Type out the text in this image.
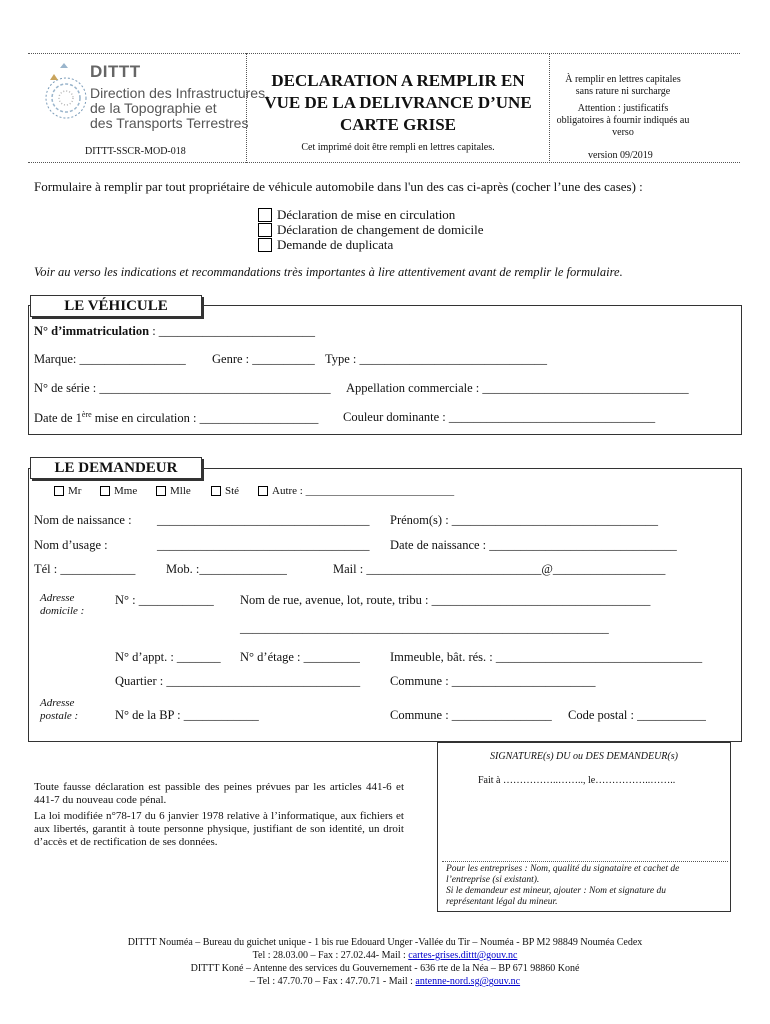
DITTT
Direction des Infrastructures,
de la Topographie et
des Transports Terrestres
DITTT-SSCR-MOD-018
DECLARATION A REMPLIR EN
VUE DE LA DELIVRANCE D’UNE
CARTE GRISE
Cet imprimé doit être rempli en lettres capitales.
À remplir en lettres capitales
sans rature ni surcharge
Attention : justificatifs
obligatoires à fournir indiqués au
verso
version 09/2019
Formulaire à remplir par tout propriétaire de véhicule automobile dans l'un des cas ci-après (cocher l’une des cases) :
Déclaration de mise en circulation
Déclaration de changement de domicile
Demande de duplicata
Voir au verso les indications et recommandations très importantes à lire attentivement avant de remplir le formulaire.
LE VÉHICULE
N° d’immatriculation : _________________________
Marque: _________________ Genre : __________ Type : ______________________________
N° de série : _____________________________________ Appellation commerciale : _________________________________
Date de 1ère mise en circulation : ___________________ Couleur dominante : _________________________________
LE DEMANDEUR
Mr	Mme	Mlle	Sté	Autre : ___________________________
Nom de naissance : __________________________________ Prénom(s) : _________________________________
Nom d’usage :	__________________________________ Date de naissance : ______________________________
Tél : ____________ Mob. :______________	Mail : ____________________________@__________________
Adresse
domicile :
N° : ____________ Nom de rue, avenue, lot, route, tribu : ___________________________________
___________________________________________________________
N° d’appt. : _______ N° d’étage : _________ Immeuble, bât. rés. : _________________________________
Quartier : _______________________________ Commune : _______________________
Adresse
postale :	N° de la BP : ____________	Commune : ________________ Code postal : ___________
SIGNATURE(s) DU ou DES DEMANDEUR(s)
Fait à ……………..…….., le……………..……..
Pour les entreprises : Nom, qualité du signataire et cachet de
l’entreprise (si existant).
Si le demandeur est mineur, ajouter : Nom et signature du
représentant légal du mineur.
Toute fausse déclaration est passible des peines prévues par les articles 441-6 et 441-7 du nouveau code pénal.
La loi modifiée n°78-17 du 6 janvier 1978 relative à l’informatique, aux fichiers et aux libertés, garantit à toute personne physique, justifiant de son identité, un droit d’accès et de rectification de ses données.
DITTT Nouméa – Bureau du guichet unique - 1 bis rue Edouard Unger -Vallée du Tir – Nouméa - BP M2 98849 Nouméa Cedex
Tel : 28.03.00 – Fax : 27.02.44- Mail : cartes-grises.dittt@gouv.nc
DITTT Koné – Antenne des services du Gouvernement - 636 rte de la Néa – BP 671 98860 Koné
– Tel : 47.70.70 – Fax : 47.70.71 - Mail : antenne-nord.sg@gouv.nc
